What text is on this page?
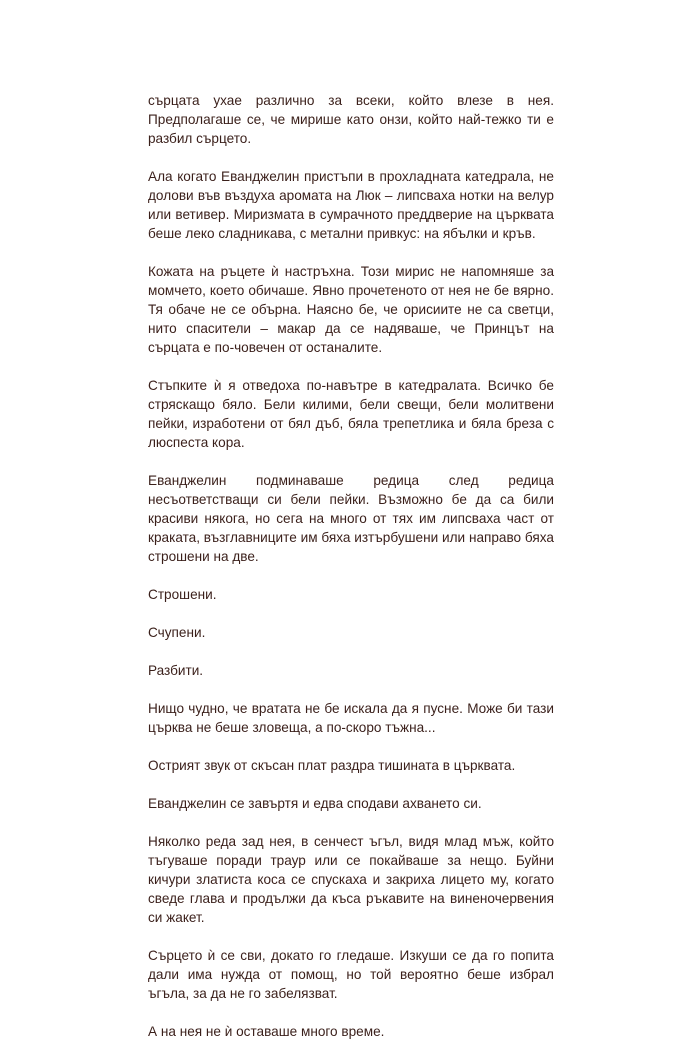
сърцата ухае различно за всеки, който влезе в нея. Предполагаше се, че мирише като онзи, който най-тежко ти е разбил сърцето.

Ала когато Еванджелин пристъпи в прохладната катедрала, не долови във въздуха аромата на Люк – липсваха нотки на велур или ветивер. Миризмата в сумрачното преддверие на църквата беше леко сладникава, с метални привкус: на ябълки и кръв.

Кожата на ръцете ѝ настръхна. Този мирис не напомняше за момчето, което обичаше. Явно прочетеното от нея не бе вярно. Тя обаче не се обърна. Наясно бе, че орисиите не са светци, нито спасители – макар да се надяваше, че Принцът на сърцата е по-човечен от останалите.

Стъпките ѝ я отведоха по-навътре в катедралата. Всичко бе стряскащо бяло. Бели килими, бели свещи, бели молитвени пейки, изработени от бял дъб, бяла трепетлика и бяла бреза с люспеста кора.

Еванджелин подминаваше редица след редица несъответстващи си бели пейки. Възможно бе да са били красиви някога, но сега на много от тях им липсваха част от краката, възглавниците им бяха изтърбушени или направо бяха строшени на две.

Строшени.

Счупени.

Разбити.

Нищо чудно, че вратата не бе искала да я пусне. Може би тази църква не беше зловеща, а по-скоро тъжна...

Острият звук от скъсан плат раздра тишината в църквата.

Еванджелин се завъртя и едва сподави ахването си.

Няколко реда зад нея, в сенчест ъгъл, видя млад мъж, който тъгуваше поради траур или се покайваше за нещо. Буйни кичури златиста коса се спускаха и закриха лицето му, когато сведе глава и продължи да къса ръкавите на виненочервения си жакет.

Сърцето ѝ се сви, докато го гледаше. Изкуши се да го попита дали има нужда от помощ, но той вероятно беше избрал ъгъла, за да не го забелязват.

А на нея не ѝ оставаше много време.
